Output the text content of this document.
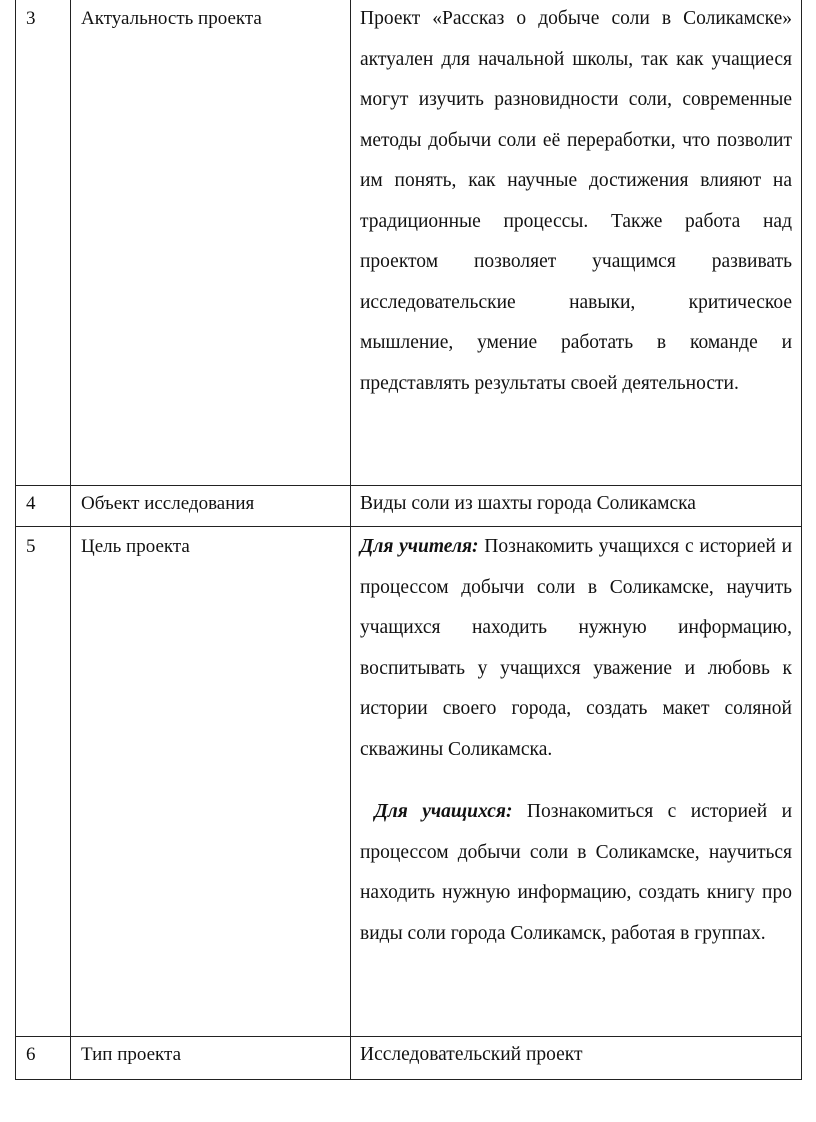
3	Актуальность проекта	Проект «Рассказ о добыче соли в Соликамске» актуален для начальной школы, так как учащиеся могут изучить разновидности соли, современные методы добычи соли её переработки, что позволит им понять, как научные достижения влияют на традиционные процессы. Также работа над проектом позволяет учащимся развивать исследовательские навыки, критическое мышление, умение работать в команде и представлять результаты своей деятельности.

4	Объект исследования	Виды соли из шахты города Соликамска

5	Цель проекта	Для учителя: Познакомить учащихся с историей и процессом добычи соли в Соликамске, научить учащихся находить нужную информацию, воспитывать у учащихся уважение и любовь к истории своего города, создать макет соляной скважины Соликамска.

Для учащихся: Познакомиться с историей и процессом добычи соли в Соликамске, научиться находить нужную информацию, создать книгу про виды соли города Соликамск, работая в группах.

6	Тип проекта	Исследовательский проект
